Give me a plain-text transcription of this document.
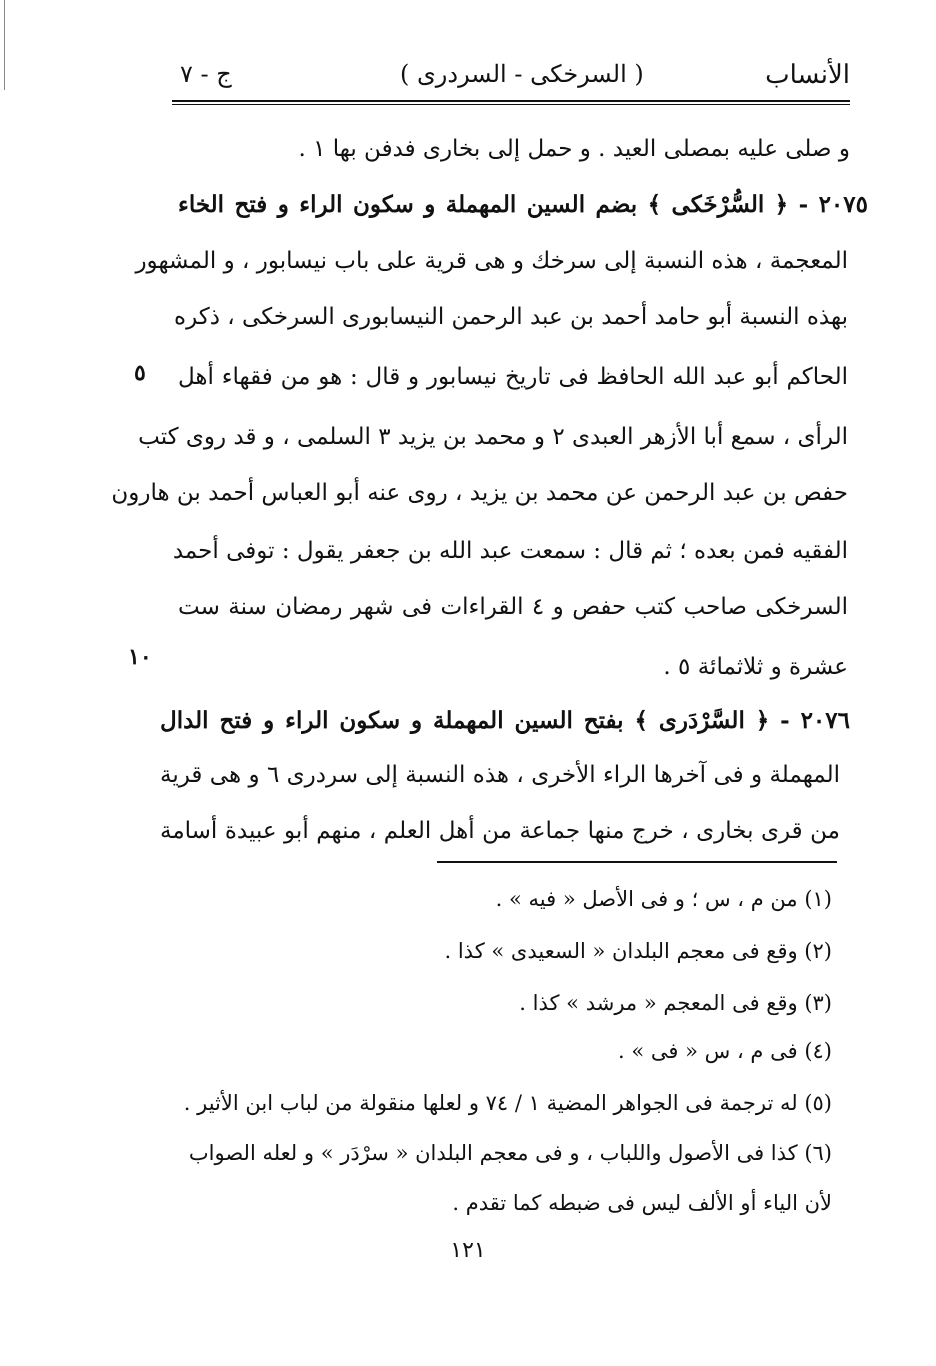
ج - ٧	( السرخكى - السردرى )	الأنساب
و صلى عليه بمصلى العيد . و حمل إلى بخارى فدفن بها ١ .
٢٠٧٥ - ﴿ السُّرْخَكى ﴾ بضم السين المهملة و سكون الراء و فتح الخاء
المعجمة ، هذه النسبة إلى سرخك و هى قرية على باب نيسابور ، و المشهور
بهذه النسبة أبو حامد أحمد بن عبد الرحمن النيسابورى السرخكى ، ذكره
الحاكم أبو عبد الله الحافظ فى تاريخ نيسابور و قال : هو من فقهاء أهل
الرأى ، سمع أبا الأزهر العبدى ٢ و محمد بن يزيد ٣ السلمى ، و قد روى كتب
حفص بن عبد الرحمن عن محمد بن يزيد ، روى عنه أبو العباس أحمد بن هارون
الفقيه فمن بعده ؛ ثم قال : سمعت عبد الله بن جعفر يقول : توفى أحمد
السرخكى صاحب كتب حفص و ٤ القراءات فى شهر رمضان سنة ست
عشرة و ثلاثمائة ٥ .
٢٠٧٦ - ﴿ السَّرْدَرى ﴾ بفتح السين المهملة و سكون الراء و فتح الدال
المهملة و فى آخرها الراء الأخرى ، هذه النسبة إلى سردرى ٦ و هى قرية
من قرى بخارى ، خرج منها جماعة من أهل العلم ، منهم أبو عبيدة أسامة
٥
١٠
(١) من م ، س ؛ و فى الأصل « فيه » .
(٢) وقع فى معجم البلدان « السعيدى » كذا .
(٣) وقع فى المعجم « مرشد » كذا .
(٤) فى م ، س « فى » .
(٥) له ترجمة فى الجواهر المضية ١ / ٧٤ و لعلها منقولة من لباب ابن الأثير .
(٦) كذا فى الأصول واللباب ، و فى معجم البلدان « سرْدَر » و لعله الصواب
لأن الياء أو الألف ليس فى ضبطه كما تقدم .
١٢١
